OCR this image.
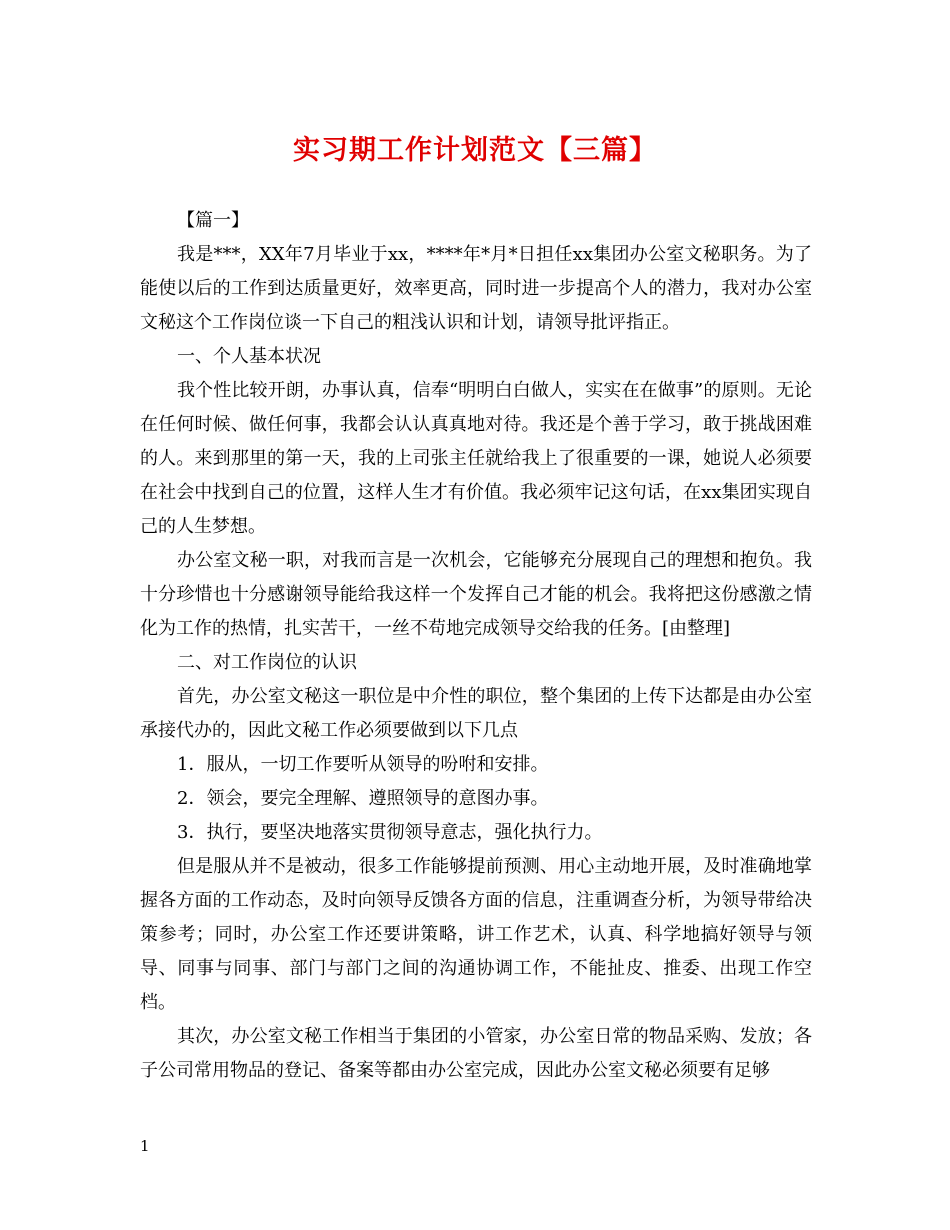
实习期工作计划范文【三篇】

【篇一】

我是***，XX年7月毕业于xx，****年*月*日担任xx集团办公室文秘职务。为了能使以后的工作到达质量更好，效率更高，同时进一步提高个人的潜力，我对办公室文秘这个工作岗位谈一下自己的粗浅认识和计划，请领导批评指正。

一、个人基本状况

我个性比较开朗，办事认真，信奉“明明白白做人，实实在在做事”的原则。无论在任何时候、做任何事，我都会认认真真地对待。我还是个善于学习，敢于挑战困难的人。来到那里的第一天，我的上司张主任就给我上了很重要的一课，她说人必须要在社会中找到自己的位置，这样人生才有价值。我必须牢记这句话，在xx集团实现自己的人生梦想。

办公室文秘一职，对我而言是一次机会，它能够充分展现自己的理想和抱负。我十分珍惜也十分感谢领导能给我这样一个发挥自己才能的机会。我将把这份感激之情化为工作的热情，扎实苦干，一丝不苟地完成领导交给我的任务。[由整理]

二、对工作岗位的认识

首先，办公室文秘这一职位是中介性的职位，整个集团的上传下达都是由办公室承接代办的，因此文秘工作必须要做到以下几点

1．服从，一切工作要听从领导的吩咐和安排。

2．领会，要完全理解、遵照领导的意图办事。

3．执行，要坚决地落实贯彻领导意志，强化执行力。

但是服从并不是被动，很多工作能够提前预测、用心主动地开展，及时准确地掌握各方面的工作动态，及时向领导反馈各方面的信息，注重调查分析，为领导带给决策参考；同时，办公室工作还要讲策略，讲工作艺术，认真、科学地搞好领导与领导、同事与同事、部门与部门之间的沟通协调工作，不能扯皮、推委、出现工作空档。

其次，办公室文秘工作相当于集团的小管家，办公室日常的物品采购、发放；各子公司常用物品的登记、备案等都由办公室完成，因此办公室文秘必须要有足够

1
